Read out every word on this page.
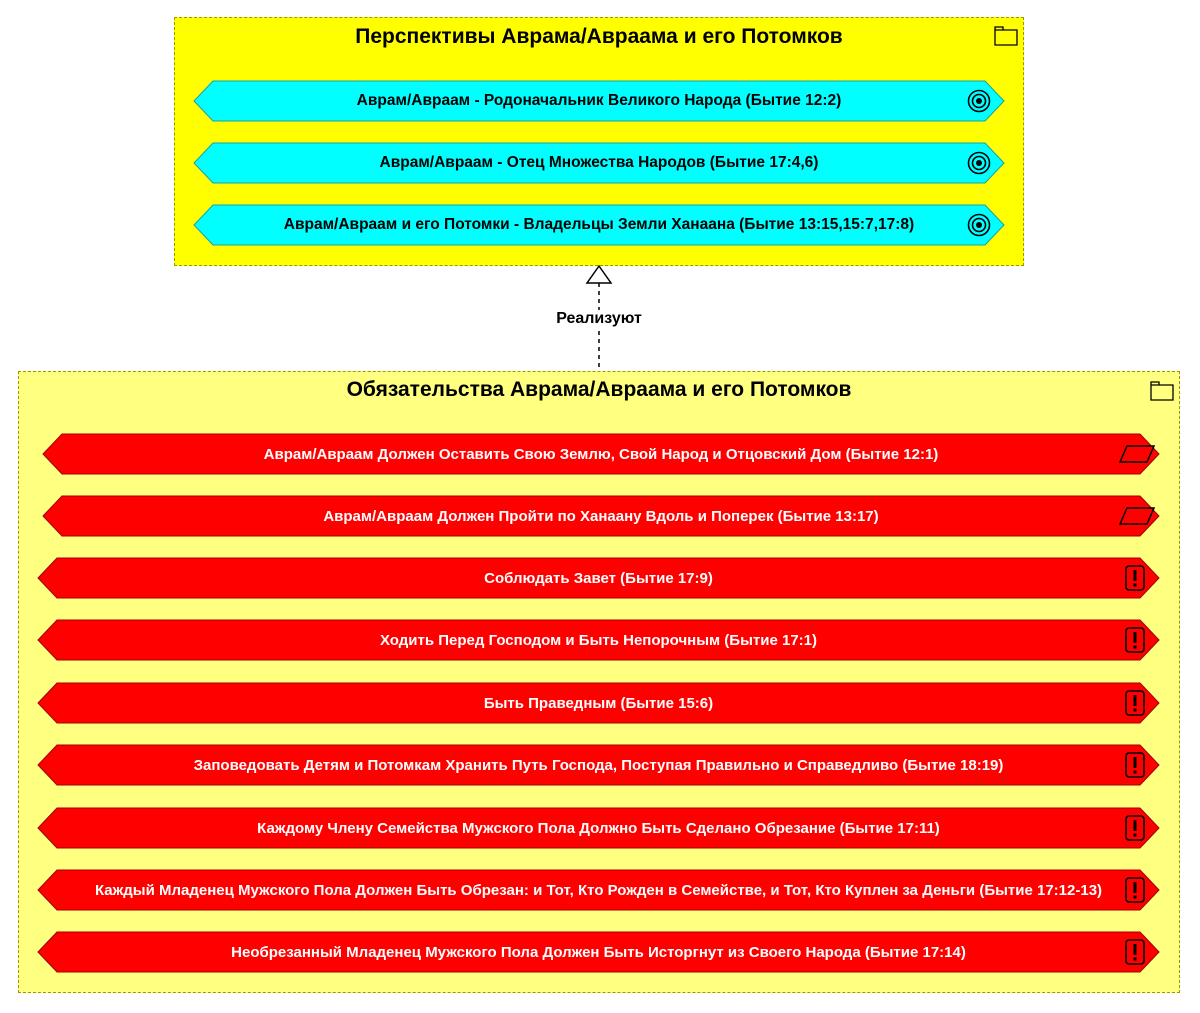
Перспективы Аврама/Авраама и его Потомков
Обязательства Аврама/Авраама и его Потомков
Реализуют
Аврам/Авраам - Родоначальник Великого Народа (Бытие 12:2)
Аврам/Авраам - Отец Множества Народов (Бытие 17:4,6)
Аврам/Авраам и его Потомки - Владельцы Земли Ханаана (Бытие 13:15,15:7,17:8)
Аврам/Авраам Должен Оставить Свою Землю, Свой Народ и Отцовский Дом (Бытие 12:1)
Аврам/Авраам Должен Пройти по Ханаану Вдоль и Поперек (Бытие 13:17)
Соблюдать Завет (Бытие 17:9)
Ходить Перед Господом и Быть Непорочным (Бытие 17:1)
Быть Праведным (Бытие 15:6)
Заповедовать Детям и Потомкам Хранить Путь Господа, Поступая Правильно и Справедливо (Бытие 18:19)
Каждому Члену Семейства Мужского Пола Должно Быть Сделано Обрезание (Бытие 17:11)
Каждый Младенец Мужского Пола Должен Быть Обрезан: и Тот, Кто Рожден в Семействе, и Тот, Кто Куплен за Деньги (Бытие 17:12-13)
Необрезанный Младенец Мужского Пола Должен Быть Исторгнут из Своего Народа (Бытие 17:14)
